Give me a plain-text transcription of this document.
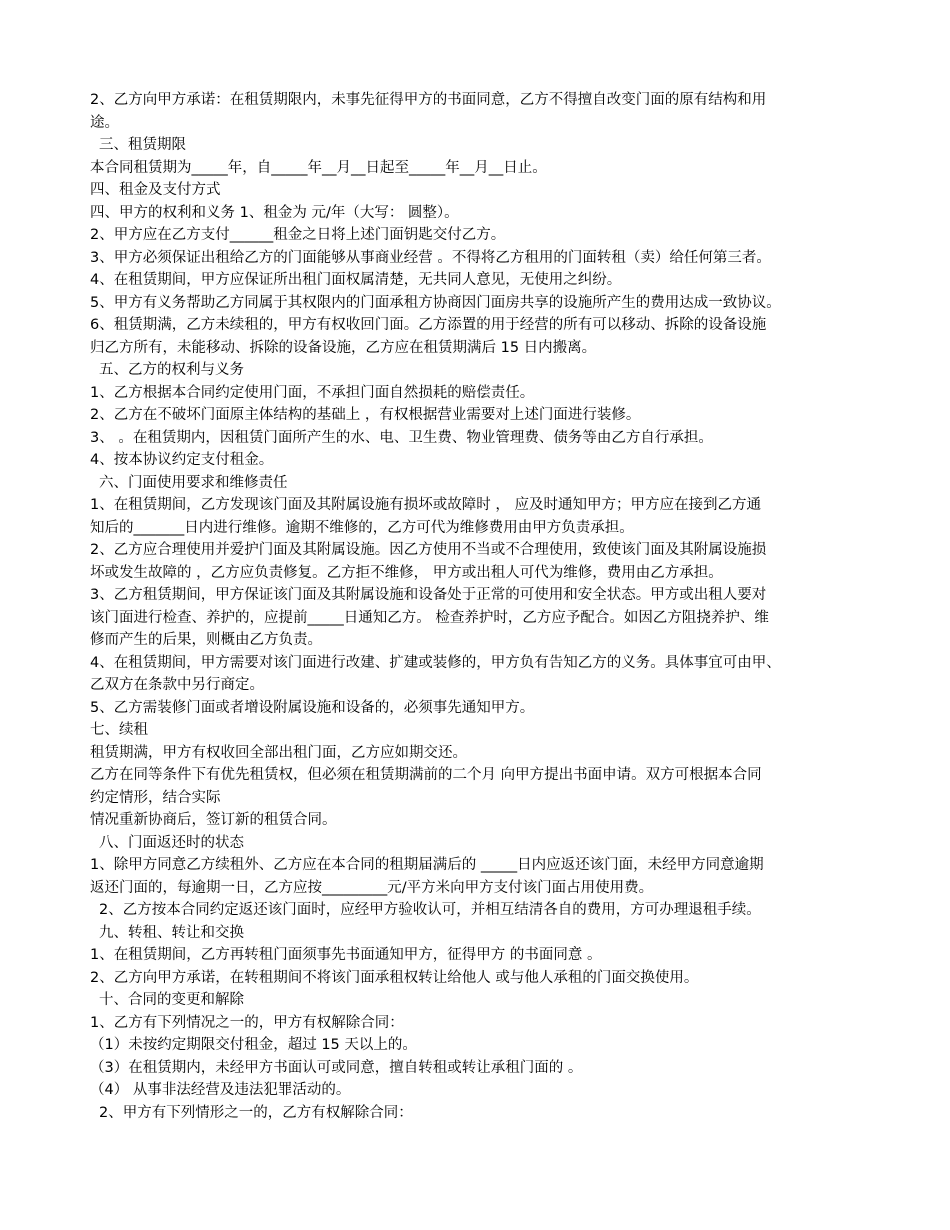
2、乙方向甲方承诺：在租赁期限内，未事先征得甲方的书面同意，乙方不得擅自改变门面的原有结构和用
途。
三、租赁期限
本合同租赁期为_____年，自_____年__月__日起至_____年__月__日止。
四、租金及支付方式
四、甲方的权利和义务 1、租金为 元/年（大写： 圆整）。
2、甲方应在乙方支付______租金之日将上述门面钥匙交付乙方。
3、甲方必须保证出租给乙方的门面能够从事商业经营 。不得将乙方租用的门面转租（卖）给任何第三者。
4、在租赁期间，甲方应保证所出租门面权属清楚，无共同人意见，无使用之纠纷。
5、甲方有义务帮助乙方同属于其权限内的门面承租方协商因门面房共享的设施所产生的费用达成一致协议。
6、租赁期满，乙方未续租的，甲方有权收回门面。乙方添置的用于经营的所有可以移动、拆除的设备设施
归乙方所有，未能移动、拆除的设备设施，乙方应在租赁期满后 15 日内搬离。
五、乙方的权利与义务
1、乙方根据本合同约定使用门面，不承担门面自然损耗的赔偿责任。
2、乙方在不破坏门面原主体结构的基础上 ，有权根据营业需要对上述门面进行装修。
3、 。在租赁期内，因租赁门面所产生的水、电、卫生费、物业管理费、债务等由乙方自行承担。
4、按本协议约定支付租金。
六、门面使用要求和维修责任
1、在租赁期间，乙方发现该门面及其附属设施有损坏或故障时 ， 应及时通知甲方；甲方应在接到乙方通
知后的_______日内进行维修。逾期不维修的，乙方可代为维修费用由甲方负责承担。
2、乙方应合理使用并爱护门面及其附属设施。因乙方使用不当或不合理使用，致使该门面及其附属设施损
坏或发生故障的 ，乙方应负责修复。乙方拒不维修， 甲方或出租人可代为维修，费用由乙方承担。
3、乙方租赁期间，甲方保证该门面及其附属设施和设备处于正常的可使用和安全状态。甲方或出租人要对
该门面进行检查、养护的，应提前_____日通知乙方。 检查养护时，乙方应予配合。如因乙方阻挠养护、维
修而产生的后果，则概由乙方负责。
4、在租赁期间，甲方需要对该门面进行改建、扩建或装修的，甲方负有告知乙方的义务。具体事宜可由甲、
乙双方在条款中另行商定。
5、乙方需装修门面或者增设附属设施和设备的，必须事先通知甲方。
七、续租
租赁期满，甲方有权收回全部出租门面，乙方应如期交还。
乙方在同等条件下有优先租赁权，但必须在租赁期满前的二个月 向甲方提出书面申请。双方可根据本合同
约定情形，结合实际
情况重新协商后，签订新的租赁合同。
八、门面返还时的状态
1、除甲方同意乙方续租外、乙方应在本合同的租期届满后的 _____日内应返还该门面，未经甲方同意逾期
返还门面的，每逾期一日，乙方应按_________元/平方米向甲方支付该门面占用使用费。
2、乙方按本合同约定返还该门面时，应经甲方验收认可，并相互结清各自的费用，方可办理退租手续。
九、转租、转让和交换
1、在租赁期间，乙方再转租门面须事先书面通知甲方，征得甲方 的书面同意 。
2、乙方向甲方承诺，在转租期间不将该门面承租权转让给他人 或与他人承租的门面交换使用。
十、合同的变更和解除
1、乙方有下列情况之一的，甲方有权解除合同：
（1）未按约定期限交付租金，超过 15 天以上的。
（3）在租赁期内，未经甲方书面认可或同意，擅自转租或转让承租门面的 。
（4） 从事非法经营及违法犯罪活动的。
2、甲方有下列情形之一的，乙方有权解除合同：
